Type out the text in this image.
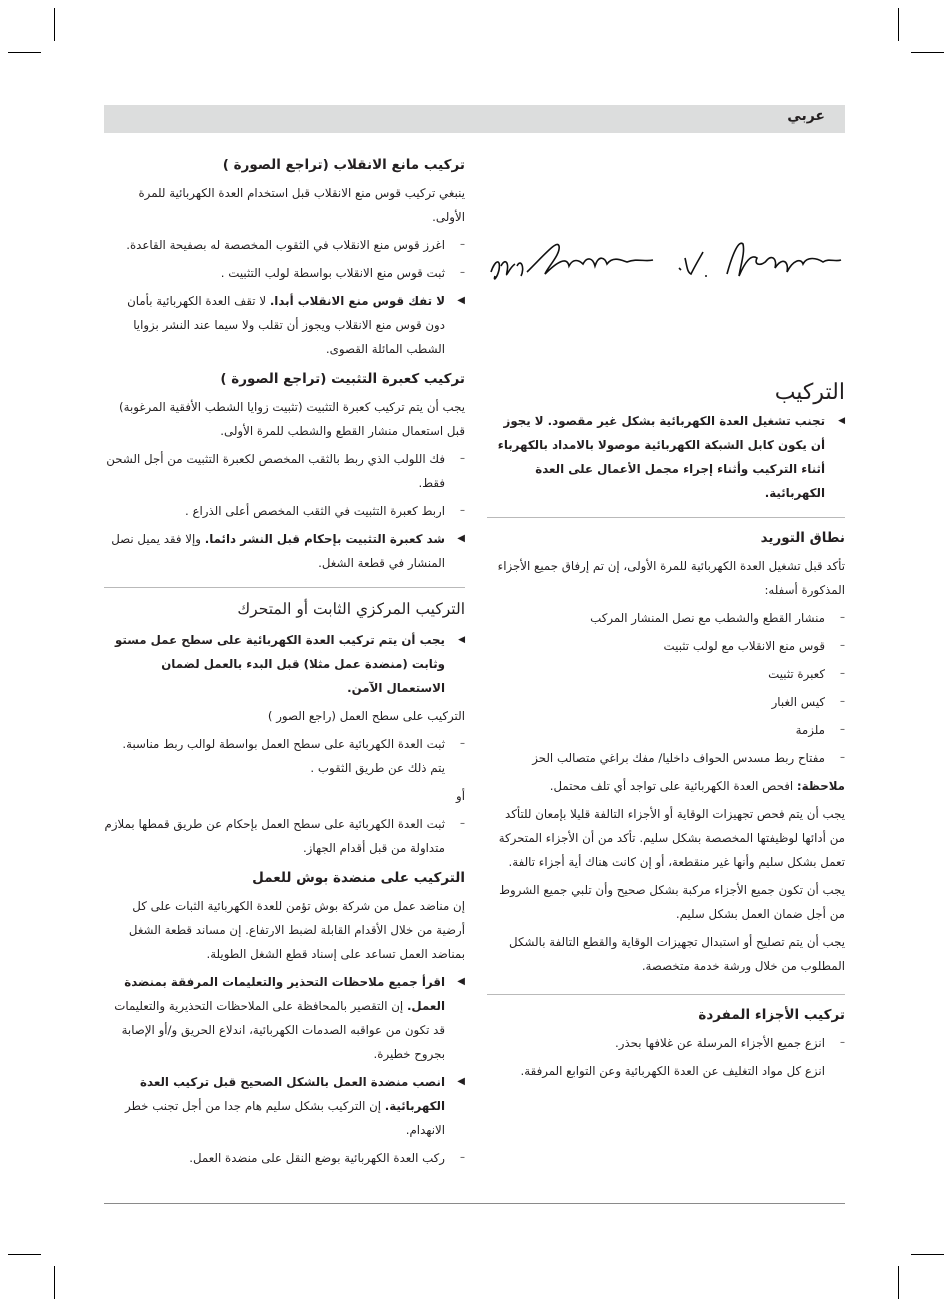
عربي
تركيب مانع الانقلاب (تراجع الصورة )

ينبغي تركيب قوس منع الانقلاب قبل استخدام العدة الكهربائية للمرة الأولى.

–
اغرز قوس منع الانقلاب في الثقوب المخصصة له بصفيحة القاعدة.
–
ثبت قوس منع الانقلاب بواسطة لولب التثبيت .
◀
لا تفك قوس منع الانقلاب أبدا. لا تقف العدة الكهربائية بأمان دون قوس منع الانقلاب ويجوز أن تقلب ولا سيما عند النشر بزوايا الشطب المائلة القصوى.
تركيب كعبرة التثبيت (تراجع الصورة )

يجب أن يتم تركيب كعبرة التثبيت (تثبيت زوايا الشطب الأفقية المرغوبة) قبل استعمال منشار القطع والشطب للمرة الأولى.

–
فك اللولب الذي ربط بالثقب المخصص لكعبرة التثبيت من أجل الشحن فقط.
–
اربط كعبرة التثبيت في الثقب المخصص أعلى الذراع .
◀
شد كعبرة التثبيت بإحكام قبل النشر دائما. وإلا فقد يميل نصل المنشار في قطعة الشغل.
التركيب المركزي الثابت أو المتحرك
◀
يجب أن يتم تركيب العدة الكهربائية على سطح عمل مستو وثابت (منضدة عمل مثلا) قبل البدء بالعمل لضمان الاستعمال الآمن.

التركيب على سطح العمل (راجع الصور )

–
ثبت العدة الكهربائية على سطح العمل بواسطة لوالب ربط مناسبة. يتم ذلك عن طريق الثقوب .

أو

–
ثبت العدة الكهربائية على سطح العمل بإحكام عن طريق قمطها بملازم متداولة من قبل أقدام الجهاز.
التركيب على منضدة بوش للعمل

إن مناضد عمل من شركة بوش تؤمن للعدة الكهربائية الثبات على كل أرضية من خلال الأقدام القابلة لضبط الارتفاع. إن مساند قطعة الشغل بمناضد العمل تساعد على إسناد قطع الشغل الطويلة.

◀
اقرأ جميع ملاحظات التحذير والتعليمات المرفقة بمنضدة العمل. إن التقصير بالمحافظة على الملاحظات التحذيرية والتعليمات قد تكون من عواقبه الصدمات الكهربائية، اندلاع الحريق و/أو الإصابة بجروح خطيرة.
◀
انصب منضدة العمل بالشكل الصحيح قبل تركيب العدة الكهربائية. إن التركيب بشكل سليم هام جدا من أجل تجنب خطر الانهدام.
–
ركب العدة الكهربائية بوضع النقل على منضدة العمل.
التركيب
◀
تجنب تشغيل العدة الكهربائية بشكل غير مقصود. لا يجوز أن يكون كابل الشبكة الكهربائية موصولا بالامداد بالكهرباء أثناء التركيب وأثناء إجراء مجمل الأعمال على العدة الكهربائية.
نطاق التوريد

تأكد قبل تشغيل العدة الكهربائية للمرة الأولى، إن تم إرفاق جميع الأجزاء المذكورة أسفله:

–
منشار القطع والشطب مع نصل المنشار المركب
–
قوس منع الانقلاب مع لولب تثبيت
–
كعبرة تثبيت
–
كيس الغبار
–
ملزمة
–
مفتاح ربط مسدس الحواف داخليا/ مفك براغي متصالب الحز

ملاحظة: افحص العدة الكهربائية على تواجد أي تلف محتمل.

يجب أن يتم فحص تجهيزات الوقاية أو الأجزاء التالفة قليلا بإمعان للتأكد من أدائها لوظيفتها المخصصة بشكل سليم. تأكد من أن الأجزاء المتحركة تعمل بشكل سليم وأنها غير منقطعة، أو إن كانت هناك أية أجزاء تالفة.

يجب أن تكون جميع الأجزاء مركبة بشكل صحيح وأن تلبي جميع الشروط من أجل ضمان العمل بشكل سليم.

يجب أن يتم تصليح أو استبدال تجهيزات الوقاية والقطع التالفة بالشكل المطلوب من خلال ورشة خدمة متخصصة.

تركيب الأجزاء المفردة
–
انزع جميع الأجزاء المرسلة عن غلافها بحذر.
انزع كل مواد التغليف عن العدة الكهربائية وعن التوابع المرفقة.
